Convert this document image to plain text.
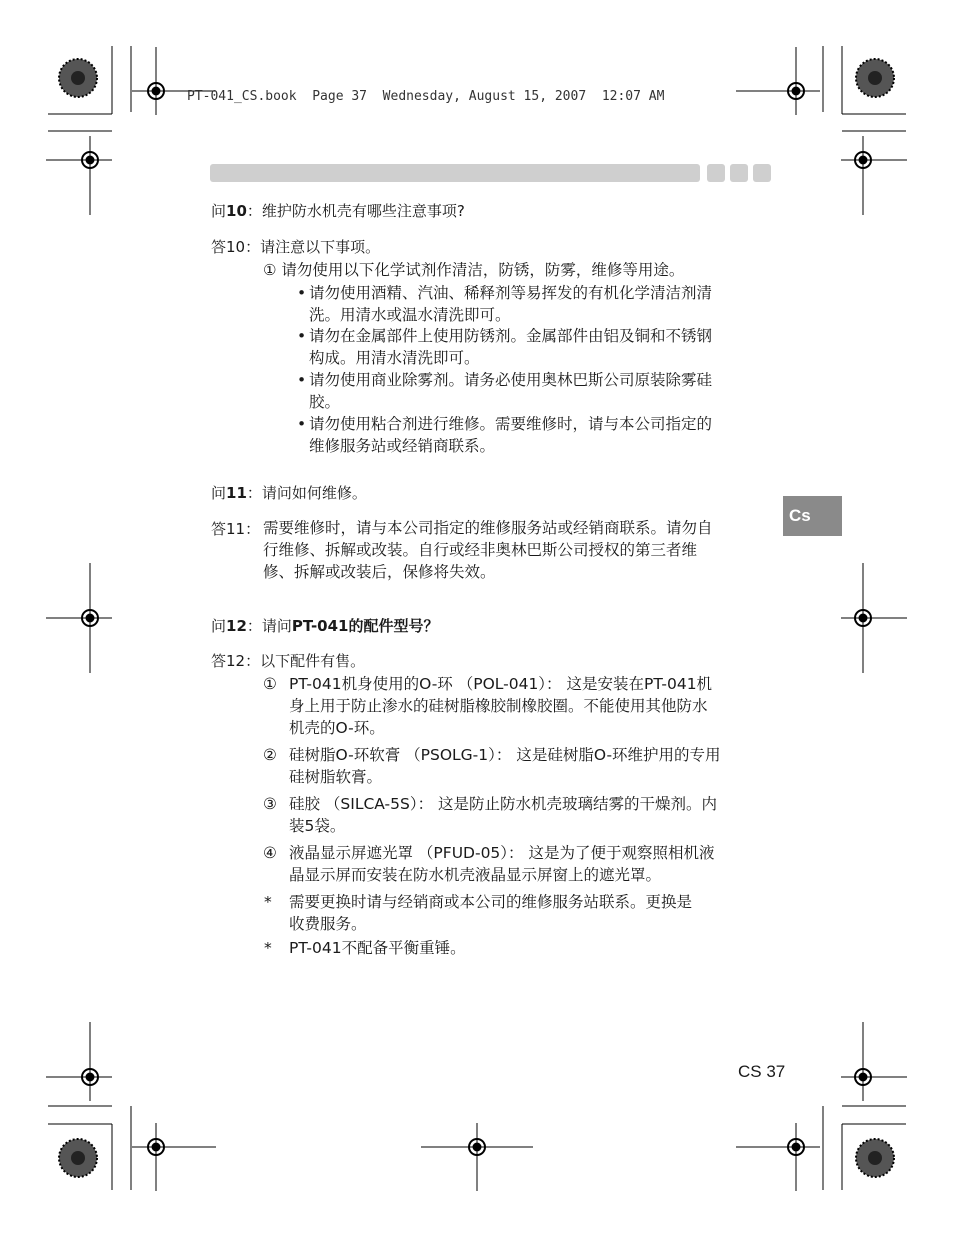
PT-041_CS.book  Page 37  Wednesday, August 15, 2007  12:07 AM
Cs
问10：维护防水机壳有哪些注意事项?
答10：请注意以下事项。
① 请勿使用以下化学试剂作清洁，防锈，防雾，维修等用途。
• 请勿使用酒精、汽油、稀释剂等易挥发的有机化学清洁剂清
洗。用清水或温水清洗即可。
• 请勿在金属部件上使用防锈剂。金属部件由铝及铜和不锈钢
构成。用清水清洗即可。
• 请勿使用商业除雾剂。请务必使用奥林巴斯公司原装除雾硅
胶。
• 请勿使用粘合剂进行维修。需要维修时，请与本公司指定的
维修服务站或经销商联系。
问11：请问如何维修。
答11： 需要维修时，请与本公司指定的维修服务站或经销商联系。请勿自
行维修、拆解或改装。自行或经非奥林巴斯公司授权的第三者维
修、拆解或改装后，保修将失效。
问12：请问PT-041的配件型号？
答12：以下配件有售。
① PT-041机身使用的O-环 （POL-041）： 这是安装在PT-041机
身上用于防止渗水的硅树脂橡胶制橡胶圈。不能使用其他防水
机壳的O-环。
② 硅树脂O-环软膏 （PSOLG-1）： 这是硅树脂O-环维护用的专用
硅树脂软膏。
③ 硅胶 （SILCA-5S）： 这是防止防水机壳玻璃结雾的干燥剂。内
装5袋。
④ 液晶显示屏遮光罩 （PFUD-05）： 这是为了便于观察照相机液
晶显示屏而安装在防水机壳液晶显示屏窗上的遮光罩。
* 需要更换时请与经销商或本公司的维修服务站联系。更换是
收费服务。
* PT-041不配备平衡重锤。
CS 37
